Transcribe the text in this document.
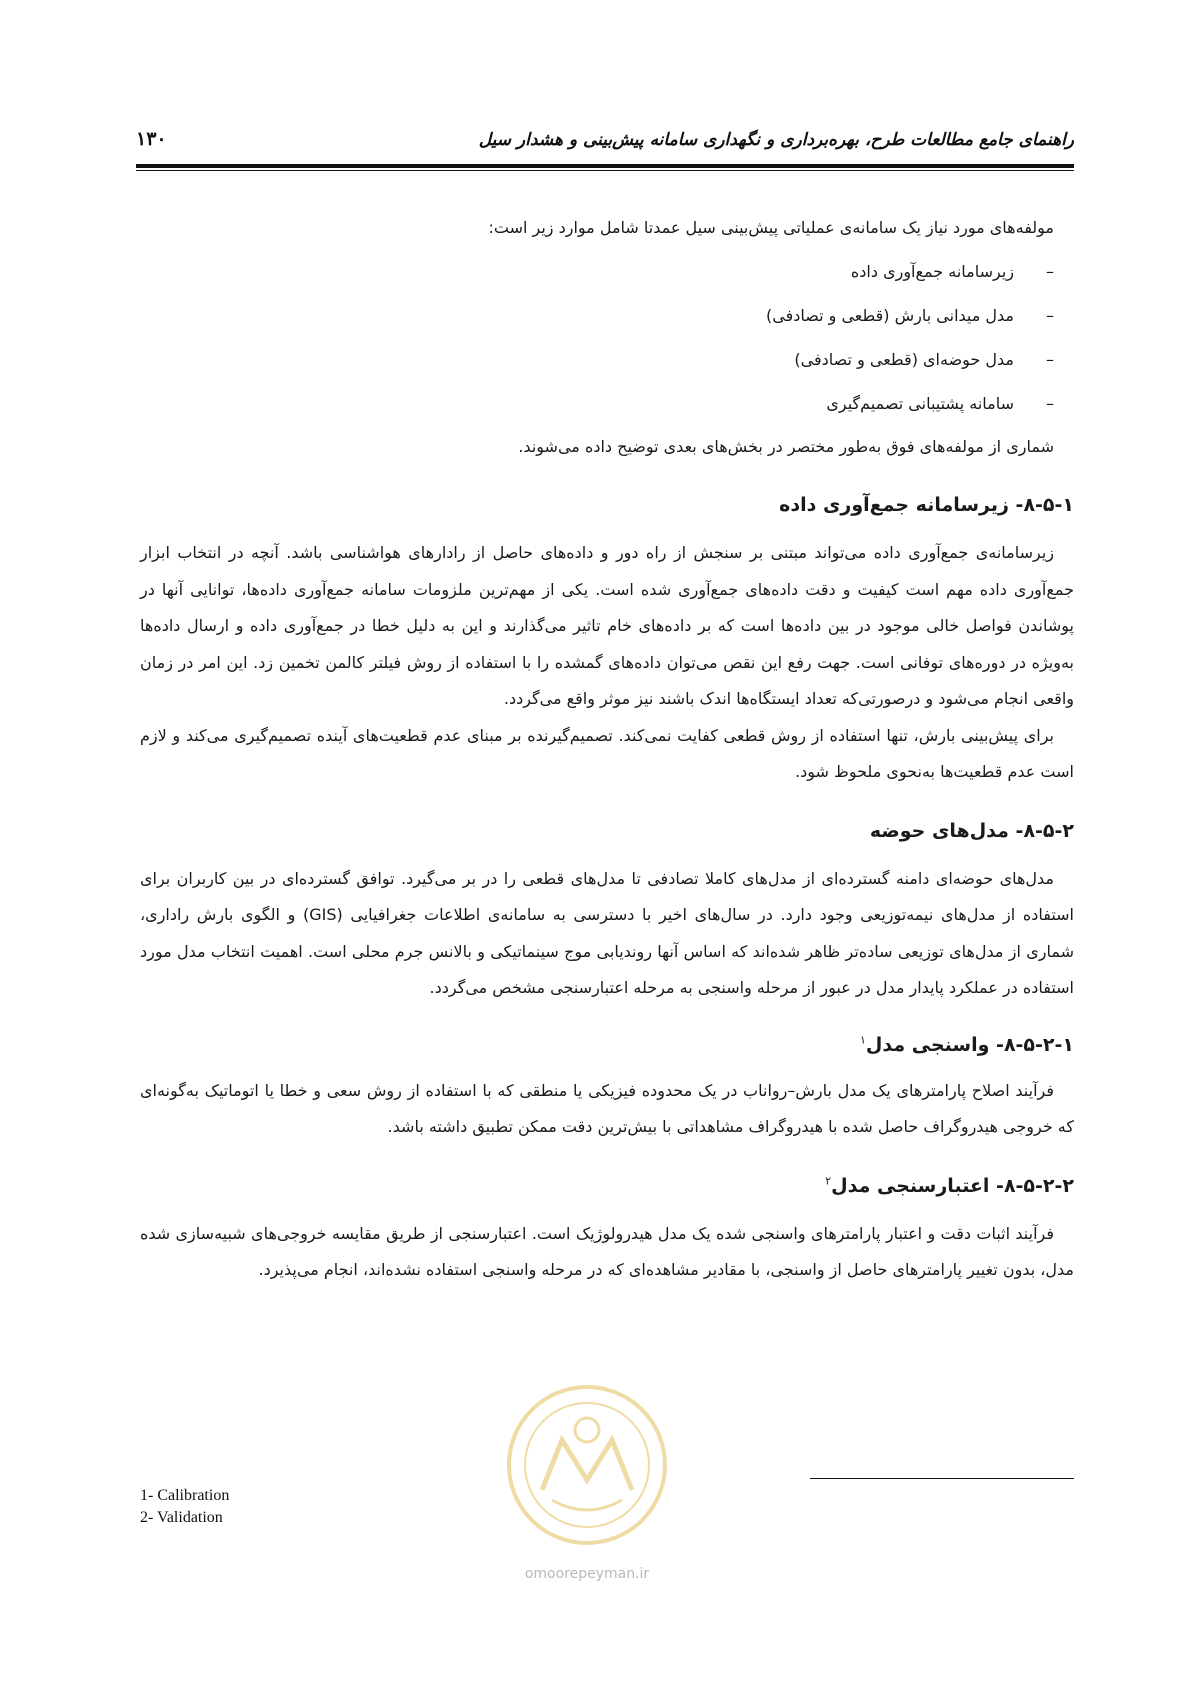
راهنمای جامع مطالعات طرح، بهره‌برداری و نگهداری سامانه پیش‌بینی و هشدار سیل
۱۳۰

مولفه‌های مورد نیاز یک سامانه‌ی عملیاتی پیش‌بینی سیل عمدتا شامل موارد زیر است:

–
زیرسامانه جمع‌آوری داده
–
مدل میدانی بارش (قطعی و تصادفی)
–
مدل حوضه‌ای (قطعی و تصادفی)
–
سامانه پشتیبانی تصمیم‌گیری

شماری از مولفه‌های فوق به‌طور مختصر در بخش‌های بعدی توضیح داده می‌شوند.

۸-۵-۱- زیرسامانه جمع‌آوری داده

زیرسامانه‌ی جمع‌آوری داده می‌تواند مبتنی بر سنجش از راه دور و داده‌های حاصل از رادارهای هواشناسی باشد. آنچه در انتخاب ابزار جمع‌آوری داده مهم است کیفیت و دقت داده‌های جمع‌آوری شده است. یکی از مهم‌ترین ملزومات سامانه جمع‌آوری داده‌ها، توانایی آنها در پوشاندن فواصل خالی موجود در بین داده‌ها است که بر داده‌های خام تاثیر می‌گذارند و این به دلیل خطا در جمع‌آوری داده و ارسال داده‌ها به‌ویژه در دوره‌های توفانی است. جهت رفع این نقص می‌توان داده‌های گمشده را با استفاده از روش فیلتر کالمن تخمین زد. این امر در زمان واقعی انجام می‌شود و درصورتی‌که تعداد ایستگاه‌ها اندک باشند نیز موثر واقع می‌گردد.

برای پیش‌بینی بارش، تنها استفاده از روش قطعی کفایت نمی‌کند. تصمیم‌گیرنده بر مبنای عدم قطعیت‌های آینده تصمیم‌گیری می‌کند و لازم است عدم قطعیت‌ها به‌نحوی ملحوظ شود.

۸-۵-۲- مدل‌های حوضه

مدل‌های حوضه‌ای دامنه گسترده‌ای از مدل‌های کاملا تصادفی تا مدل‌های قطعی را در بر می‌گیرد. توافق گسترده‌ای در بین کاربران برای استفاده از مدل‌های نیمه‌توزیعی وجود دارد. در سال‌های اخیر با دسترسی به سامانه‌ی اطلاعات جغرافیایی (GIS) و الگوی بارش راداری، شماری از مدل‌های توزیعی ساده‌تر ظاهر شده‌اند که اساس آنها روندیابی موج سینماتیکی و بالانس جرم محلی است. اهمیت انتخاب مدل مورد استفاده در عملکرد پایدار مدل در عبور از مرحله واسنجی به مرحله اعتبارسنجی مشخص می‌گردد.

۸-۵-۲-۱- واسنجی مدل$^۱$

فرآیند اصلاح پارامترهای یک مدل بارش–رواناب در یک محدوده فیزیکی یا منطقی که با استفاده از روش سعی و خطا یا اتوماتیک به‌گونه‌ای که خروجی هیدروگراف حاصل شده با هیدروگراف مشاهداتی با بیش‌ترین دقت ممکن تطبیق داشته باشد.

۸-۵-۲-۲- اعتبارسنجی مدل$^۲$

فرآیند اثبات دقت و اعتبار پارامترهای واسنجی شده یک مدل هیدرولوژیک است. اعتبارسنجی از طریق مقایسه خروجی‌های شبیه‌سازی شده مدل، بدون تغییر پارامترهای حاصل از واسنجی، با مقادیر مشاهده‌ای که در مرحله واسنجی استفاده نشده‌اند، انجام می‌پذیرد.

1- Calibration
2- Validation
omoorepeyman.ir
